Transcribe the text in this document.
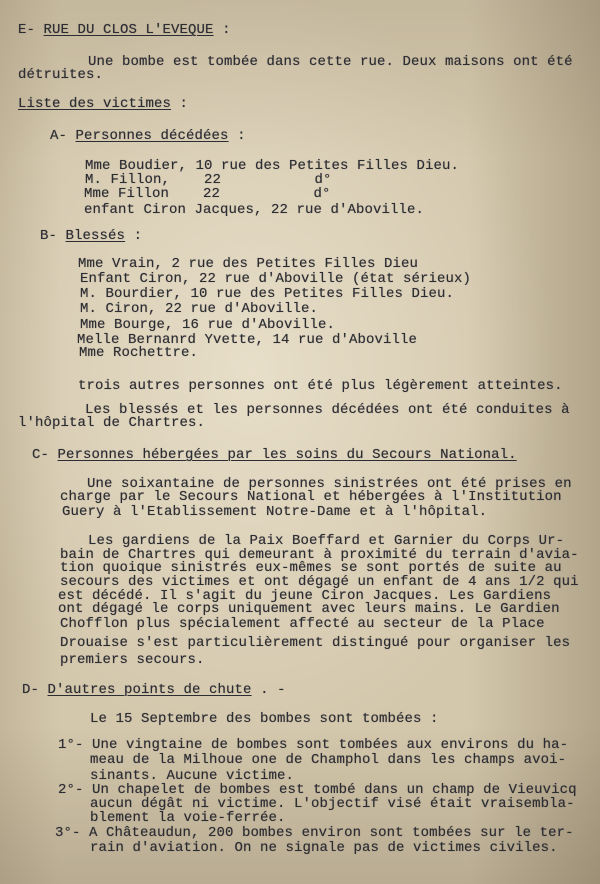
E- RUE DU CLOS L'EVEQUE :
Une bombe est tombée dans cette rue. Deux maisons ont été
détruites.
Liste des victimes :
A- Personnes décédées :
Mme Boudier, 10 rue des Petites Filles Dieu.
M. Fillon,    22           d°
Mme Fillon    22           d°
enfant Ciron Jacques, 22 rue d'Aboville.
B- Blessés :
Mme Vrain, 2 rue des Petites Filles Dieu
Enfant Ciron, 22 rue d'Aboville (état sérieux)
M. Bourdier, 10 rue des Petites Filles Dieu.
M. Ciron, 22 rue d'Aboville.
Mme Bourge, 16 rue d'Aboville.
Melle Bernanrd Yvette, 14 rue d'Aboville
Mme Rochettre.
trois autres personnes ont été plus légèrement atteintes.
Les blessés et les personnes décédées ont été conduites à
l'hôpital de Chartres.
C- Personnes hébergées par les soins du Secours National.
Une soixantaine de personnes sinistrées ont été prises en
charge par le Secours National et hébergées à l'Institution
Guery à l'Etablissement Notre-Dame et à l'hôpital.
Les gardiens de la Paix Boeffard et Garnier du Corps Ur-
bain de Chartres qui demeurant à proximité du terrain d'avia-
tion quoique sinistrés eux-mêmes se sont portés de suite au
secours des victimes et ont dégagé un enfant de 4 ans 1/2 qui
est décédé. Il s'agit du jeune Ciron Jacques. Les Gardiens
ont dégagé le corps uniquement avec leurs mains. Le Gardien
Chofflon plus spécialement affecté au secteur de la Place
Drouaise s'est particulièrement distingué pour organiser les
premiers secours.
D- D'autres points de chute . -
Le 15 Septembre des bombes sont tombées :
1°- Une vingtaine de bombes sont tombées aux environs du ha-
meau de la Milhoue one de Champhol dans les champs avoi-
sinants. Aucune victime.
2°- Un chapelet de bombes est tombé dans un champ de Vieuvicq
aucun dégât ni victime. L'objectif visé était vraisembla-
blement la voie-ferrée.
3°- A Châteaudun, 200 bombes environ sont tombées sur le ter-
rain d'aviation. On ne signale pas de victimes civiles.
